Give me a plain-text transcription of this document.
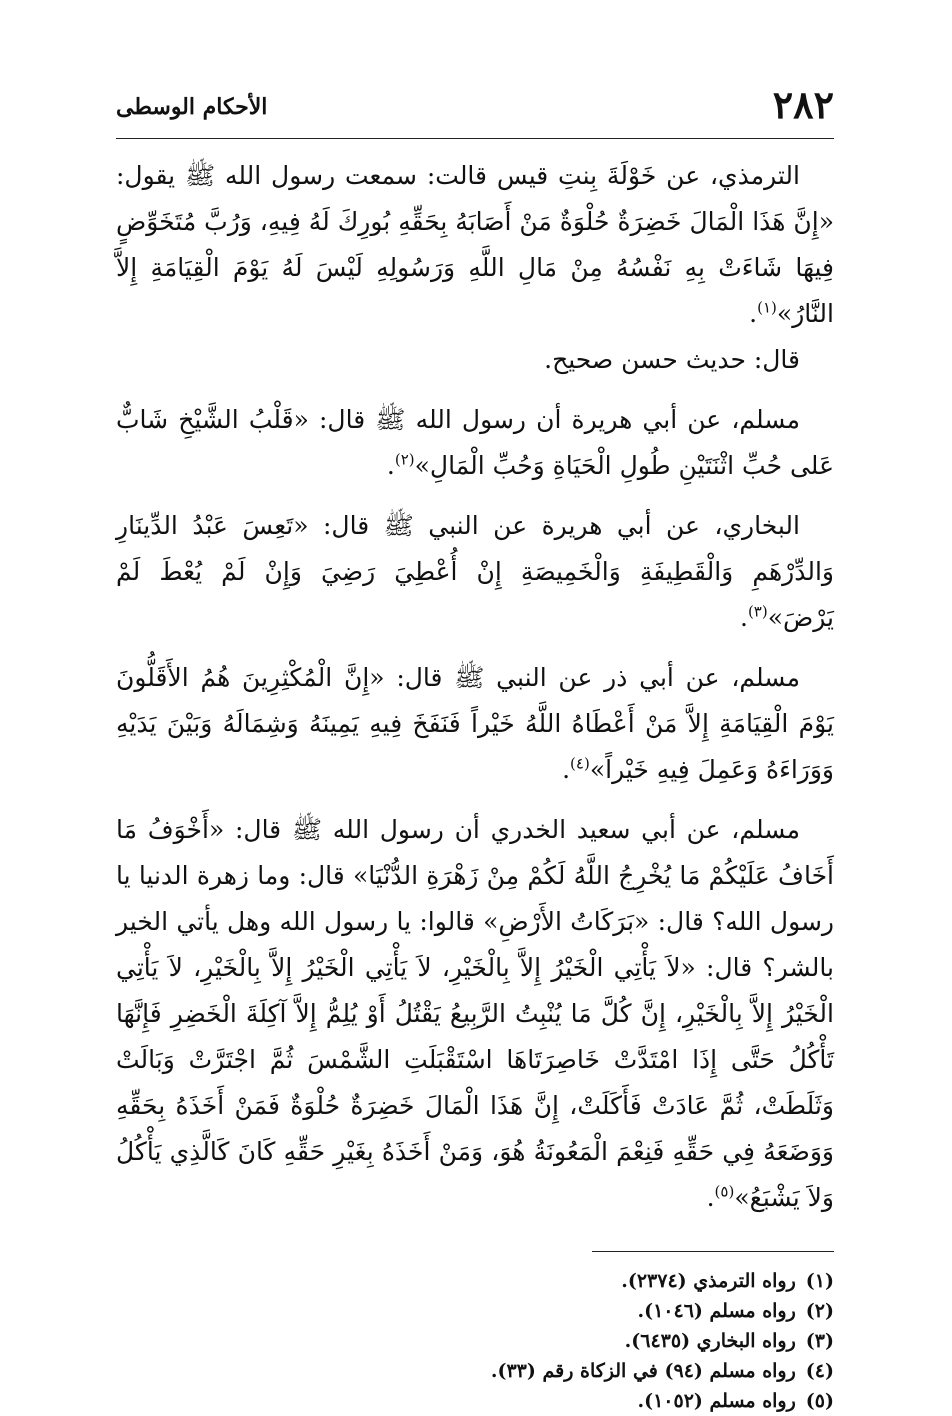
٢٨٢
الأحكام الوسطى

الترمذي، عن خَوْلَةَ بِنتِ قيس قالت: سمعت رسول الله ﷺ يقول: «إِنَّ هَذَا الْمَالَ خَضِرَةٌ حُلْوَةٌ مَنْ أَصَابَهُ بِحَقِّهِ بُورِكَ لَهُ فِيهِ، وَرُبَّ مُتَخَوِّضٍ فِيهَا شَاءَتْ بِهِ نَفْسُهُ مِنْ مَالِ اللَّهِ وَرَسُولِهِ لَيْسَ لَهُ يَوْمَ الْقِيَامَةِ إِلاَّ النَّارُ»$^{(١)}$.

قال: حديث حسن صحيح.

مسلم، عن أبي هريرة أن رسول الله ﷺ قال: «قَلْبُ الشَّيْخِ شَابٌّ عَلى حُبِّ اثْنَتَيْنِ طُولِ الْحَيَاةِ وَحُبِّ الْمَالِ»$^{(٢)}$.

البخاري، عن أبي هريرة عن النبي ﷺ قال: «تَعِسَ عَبْدُ الدِّينَارِ وَالدِّرْهَمِ وَالْقَطِيفَةِ وَالْخَمِيصَةِ إِنْ أُعْطِيَ رَضِيَ وَإِنْ لَمْ يُعْطَ لَمْ يَرْضَ»$^{(٣)}$.

مسلم، عن أبي ذر عن النبي ﷺ قال: «إِنَّ الْمُكْثِرِينَ هُمُ الأَقَلُّونَ يَوْمَ الْقِيَامَةِ إِلاَّ مَنْ أَعْطَاهُ اللَّهُ خَيْراً فَنَفَخَ فِيهِ يَمِينَهُ وَشِمَالَهُ وَبَيْنَ يَدَيْهِ وَوَرَاءَهُ وَعَمِلَ فِيهِ خَيْراً»$^{(٤)}$.

مسلم، عن أبي سعيد الخدري أن رسول الله ﷺ قال: «أَخْوَفُ مَا أَخَافُ عَلَيْكُمْ مَا يُخْرِجُ اللَّهُ لَكُمْ مِنْ زَهْرَةِ الدُّنْيَا» قال: وما زهرة الدنيا يا رسول الله؟ قال: «بَرَكَاتُ الأَرْضِ» قالوا: يا رسول الله وهل يأتي الخير بالشر؟ قال: «لاَ يَأْتِي الْخَيْرُ إِلاَّ بِالْخَيْرِ، لاَ يَأْتِي الْخَيْرُ إِلاَّ بِالْخَيْرِ، لاَ يَأْتِي الْخَيْرُ إِلاَّ بِالْخَيْرِ، إِنَّ كُلَّ مَا يُنْبِتُ الرَّبِيعُ يَقْتُلُ أَوْ يُلِمُّ إِلاَّ آكِلَةَ الْخَضِرِ فَإِنَّهَا تَأْكُلُ حَتَّى إِذَا امْتَدَّتْ خَاصِرَتَاهَا اسْتَقْبَلَتِ الشَّمْسَ ثُمَّ اجْتَرَّتْ وَبَالَتْ وَثَلَطَتْ، ثُمَّ عَادَتْ فَأَكَلَتْ، إِنَّ هَذَا الْمَالَ خَضِرَةٌ حُلْوَةٌ فَمَنْ أَخَذَهُ بِحَقِّهِ وَوَضَعَهُ فِي حَقِّهِ فَنِعْمَ الْمَعُونَةُ هُوَ، وَمَنْ أَخَذَهُ بِغَيْرِ حَقِّهِ كَانَ كَالَّذِي يَأْكُلُ وَلاَ يَشْبَعُ»$^{(٥)}$.

(١)رواه الترمذي (٢٣٧٤).
(٢)رواه مسلم (١٠٤٦).
(٣)رواه البخاري (٦٤٣٥).
(٤)رواه مسلم (٩٤) في الزكاة رقم (٣٣).
(٥)رواه مسلم (١٠٥٢).
